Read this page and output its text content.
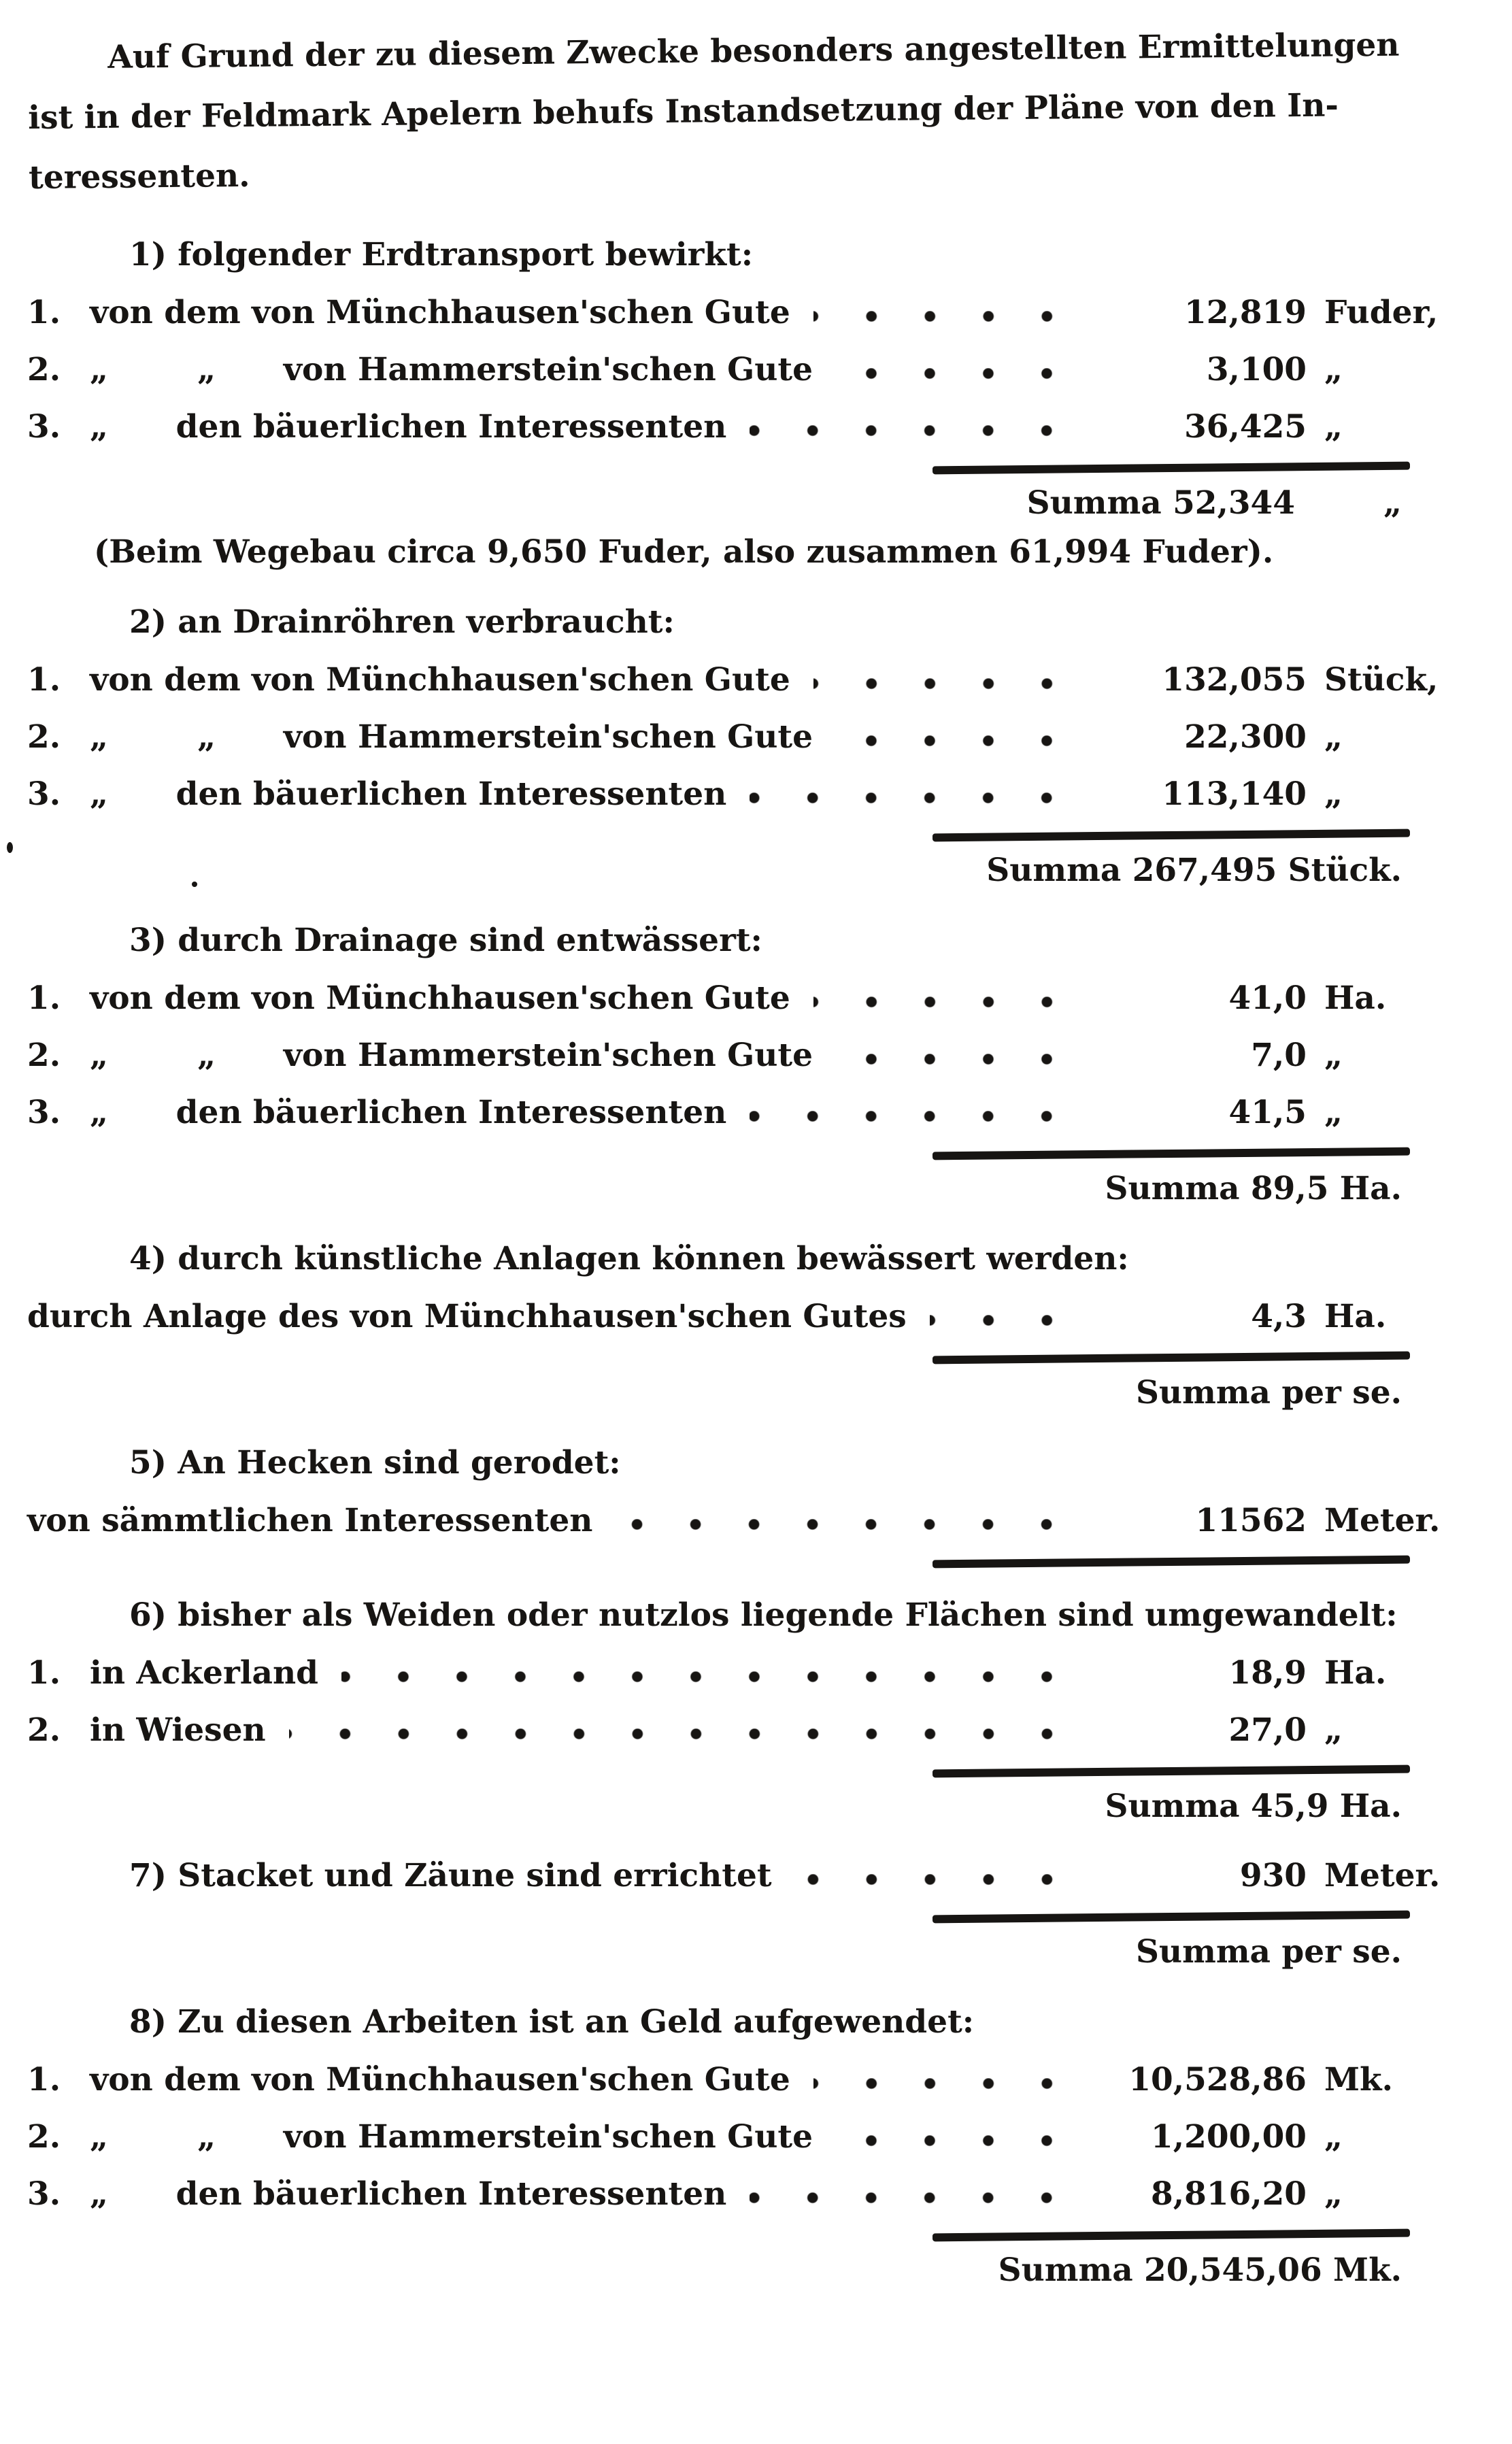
Auf Grund der zu diesem Zwecke besonders angestellten Ermittelungen
ist in der Feldmark Apelern behufs Instandsetzung der Pläne von den In-
teressenten.
1) folgender Erdtransport bewirkt:
1. von dem von Münchhausen'schen Gute	12,819 Fuder,
2. „ „ von Hammerstein'schen Gute	3,100 „
3. „ den bäuerlichen Interessenten	36,425 „
Summa 52,344	„
(Beim Wegebau circa 9,650 Fuder, also zusammen 61,994 Fuder).
2) an Drainröhren verbraucht:
1. von dem von Münchhausen'schen Gute	132,055 Stück,
2. „ „ von Hammerstein'schen Gute	22,300 „
3. „ den bäuerlichen Interessenten	113,140 „
Summa 267,495 Stück.
3) durch Drainage sind entwässert:
1. von dem von Münchhausen'schen Gute	41,0 Ha.
2. „ „ von Hammerstein'schen Gute	7,0 „
3. „ den bäuerlichen Interessenten	41,5 „
Summa 89,5 Ha.
4) durch künstliche Anlagen können bewässert werden:
durch Anlage des von Münchhausen'schen Gutes	4,3 Ha.
Summa per se.
5) An Hecken sind gerodet:
von sämmtlichen Interessenten	11562 Meter.
6) bisher als Weiden oder nutzlos liegende Flächen sind umgewandelt:
1. in Ackerland	18,9 Ha.
2. in Wiesen	27,0 „
Summa 45,9 Ha.
7) Stacket und Zäune sind errichtet	930 Meter.
Summa per se.
8) Zu diesen Arbeiten ist an Geld aufgewendet:
1. von dem von Münchhausen'schen Gute	10,528,86 Mk.
2. „ „ von Hammerstein'schen Gute	1,200,00 „
3. „ den bäuerlichen Interessenten	8,816,20 „
Summa 20,545,06 Mk.
